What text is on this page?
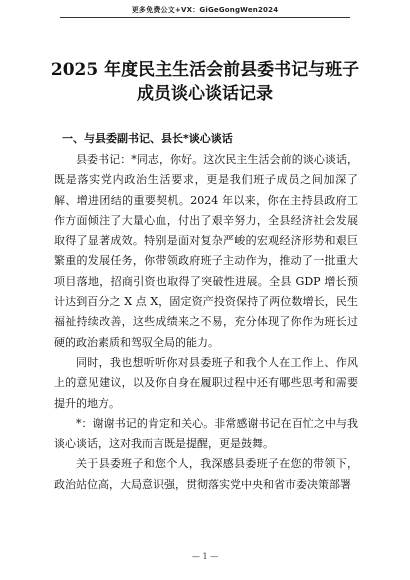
更多免费公文+VX：GiGeGongWen2024
2025 年度民主生活会前县委书记与班子
成员谈心谈话记录
一、与县委副书记、县长*谈心谈话

县委书记：*同志，你好。这次民主生活会前的谈心谈话，既是落实党内政治生活要求，更是我们班子成员之间加深了解、增进团结的重要契机。2024 年以来，你在主持县政府工作方面倾注了大量心血，付出了艰辛努力，全县经济社会发展取得了显著成效。特别是面对复杂严峻的宏观经济形势和艰巨繁重的发展任务，你带领政府班子主动作为，推动了一批重大项目落地，招商引资也取得了突破性进展。全县 GDP 增长预计达到百分之 X 点 X，固定资产投资保持了两位数增长，民生福祉持续改善，这些成绩来之不易，充分体现了你作为班长过硬的政治素质和驾驭全局的能力。

同时，我也想听听你对县委班子和我个人在工作上、作风上的意见建议，以及你自身在履职过程中还有哪些思考和需要提升的地方。

*：谢谢书记的肯定和关心。非常感谢书记在百忙之中与我谈心谈话，这对我而言既是提醒，更是鼓舞。

关于县委班子和您个人，我深感县委班子在您的带领下，政治站位高，大局意识强，贯彻落实党中央和省市委决策部署

— 1 —
